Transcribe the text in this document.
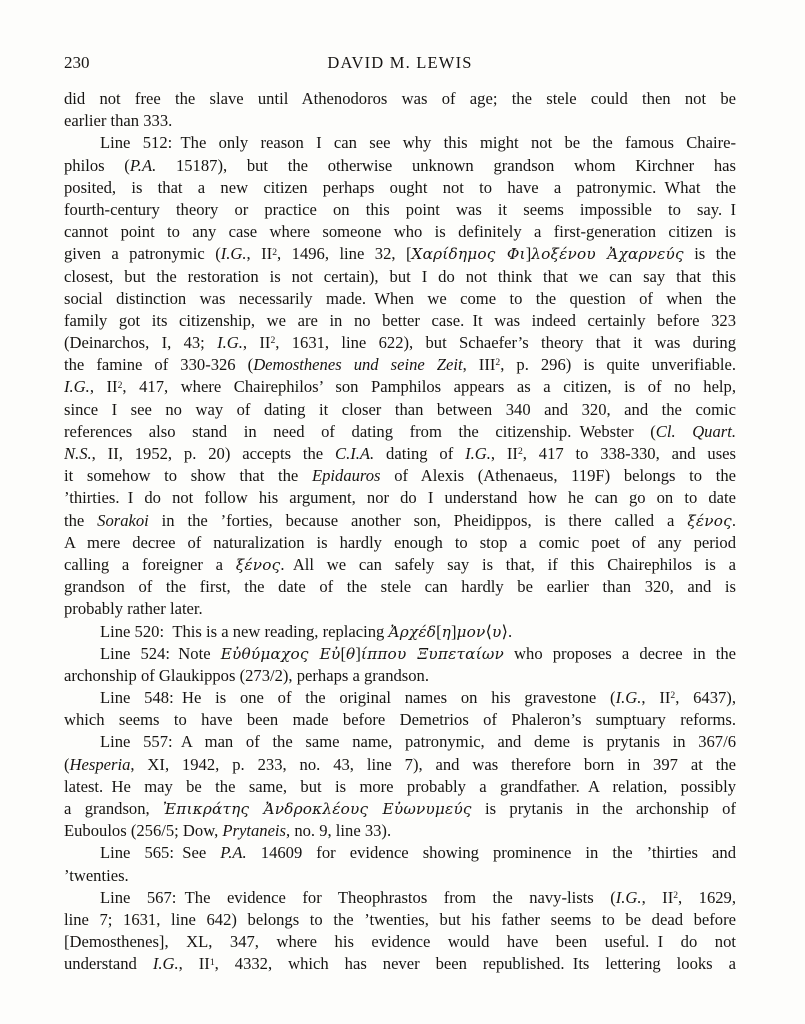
230	DAVID M. LEWIS
did not free the slave until Athenodoros was of age; the stele could then not be
earlier than 333.
Line 512: The only reason I can see why this might not be the famous Chaire-
philos (P.A. 15187), but the otherwise unknown grandson whom Kirchner has
posited, is that a new citizen perhaps ought not to have a patronymic. What the
fourth-century theory or practice on this point was it seems impossible to say. I
cannot point to any case where someone who is definitely a first-generation citizen is
given a patronymic (I.G., $II^2$, 1496, line 32, [Χαρίδημος Φι]λοξένου Ἀχαρνεύς is the
closest, but the restoration is not certain), but I do not think that we can say that this
social distinction was necessarily made. When we come to the question of when the
family got its citizenship, we are in no better case. It was indeed certainly before 323
(Deinarchos, I, 43; I.G., $II^2$, 1631, line 622), but Schaefer’s theory that it was during
the famine of 330-326 (Demosthenes und seine Zeit, III$^2$, p. 296) is quite unverifiable.
I.G., $II^2$, 417, where Chairephilos’ son Pamphilos appears as a citizen, is of no help,
since I see no way of dating it closer than between 340 and 320, and the comic
references also stand in need of dating from the citizenship. Webster (Cl. Quart.
N.S., II, 1952, p. 20) accepts the C.I.A. dating of I.G., $II^2$, 417 to 338-330, and uses
it somehow to show that the Epidauros of Alexis (Athenaeus, 119F) belongs to the
’thirties. I do not follow his argument, nor do I understand how he can go on to date
the Sorakoi in the ’forties, because another son, Pheidippos, is there called a ξένος.
A mere decree of naturalization is hardly enough to stop a comic poet of any period
calling a foreigner a ξένος. All we can safely say is that, if this Chairephilos is a
grandson of the first, the date of the stele can hardly be earlier than 320, and is
probably rather later.
Line 520: This is a new reading, replacing Ἀρχέδ[η]μον⟨υ⟩.
Line 524: Note Εὐθύμαχος Εὐ[θ]ίππου Ξυπεταίων who proposes a decree in the
archonship of Glaukippos (273/2), perhaps a grandson.
Line 548: He is one of the original names on his gravestone (I.G., $II^2$, 6437),
which seems to have been made before Demetrios of Phaleron’s sumptuary reforms.
Line 557: A man of the same name, patronymic, and deme is prytanis in 367/6
(Hesperia, XI, 1942, p. 233, no. 43, line 7), and was therefore born in 397 at the
latest. He may be the same, but is more probably a grandfather. A relation, possibly
a grandson, Ἐπικράτης Ἀνδροκλέους Εὐωνυμεύς is prytanis in the archonship of
Euboulos (256/5; Dow, Prytaneis, no. 9, line 33).
Line 565: See P.A. 14609 for evidence showing prominence in the ’thirties and
’twenties.
Line 567: The evidence for Theophrastos from the navy-lists (I.G., $II^2$, 1629,
line 7; 1631, line 642) belongs to the ’twenties, but his father seems to be dead before
[Demosthenes], XL, 347, where his evidence would have been useful. I do not
understand I.G., $II^1$, 4332, which has never been republished. Its lettering looks a
